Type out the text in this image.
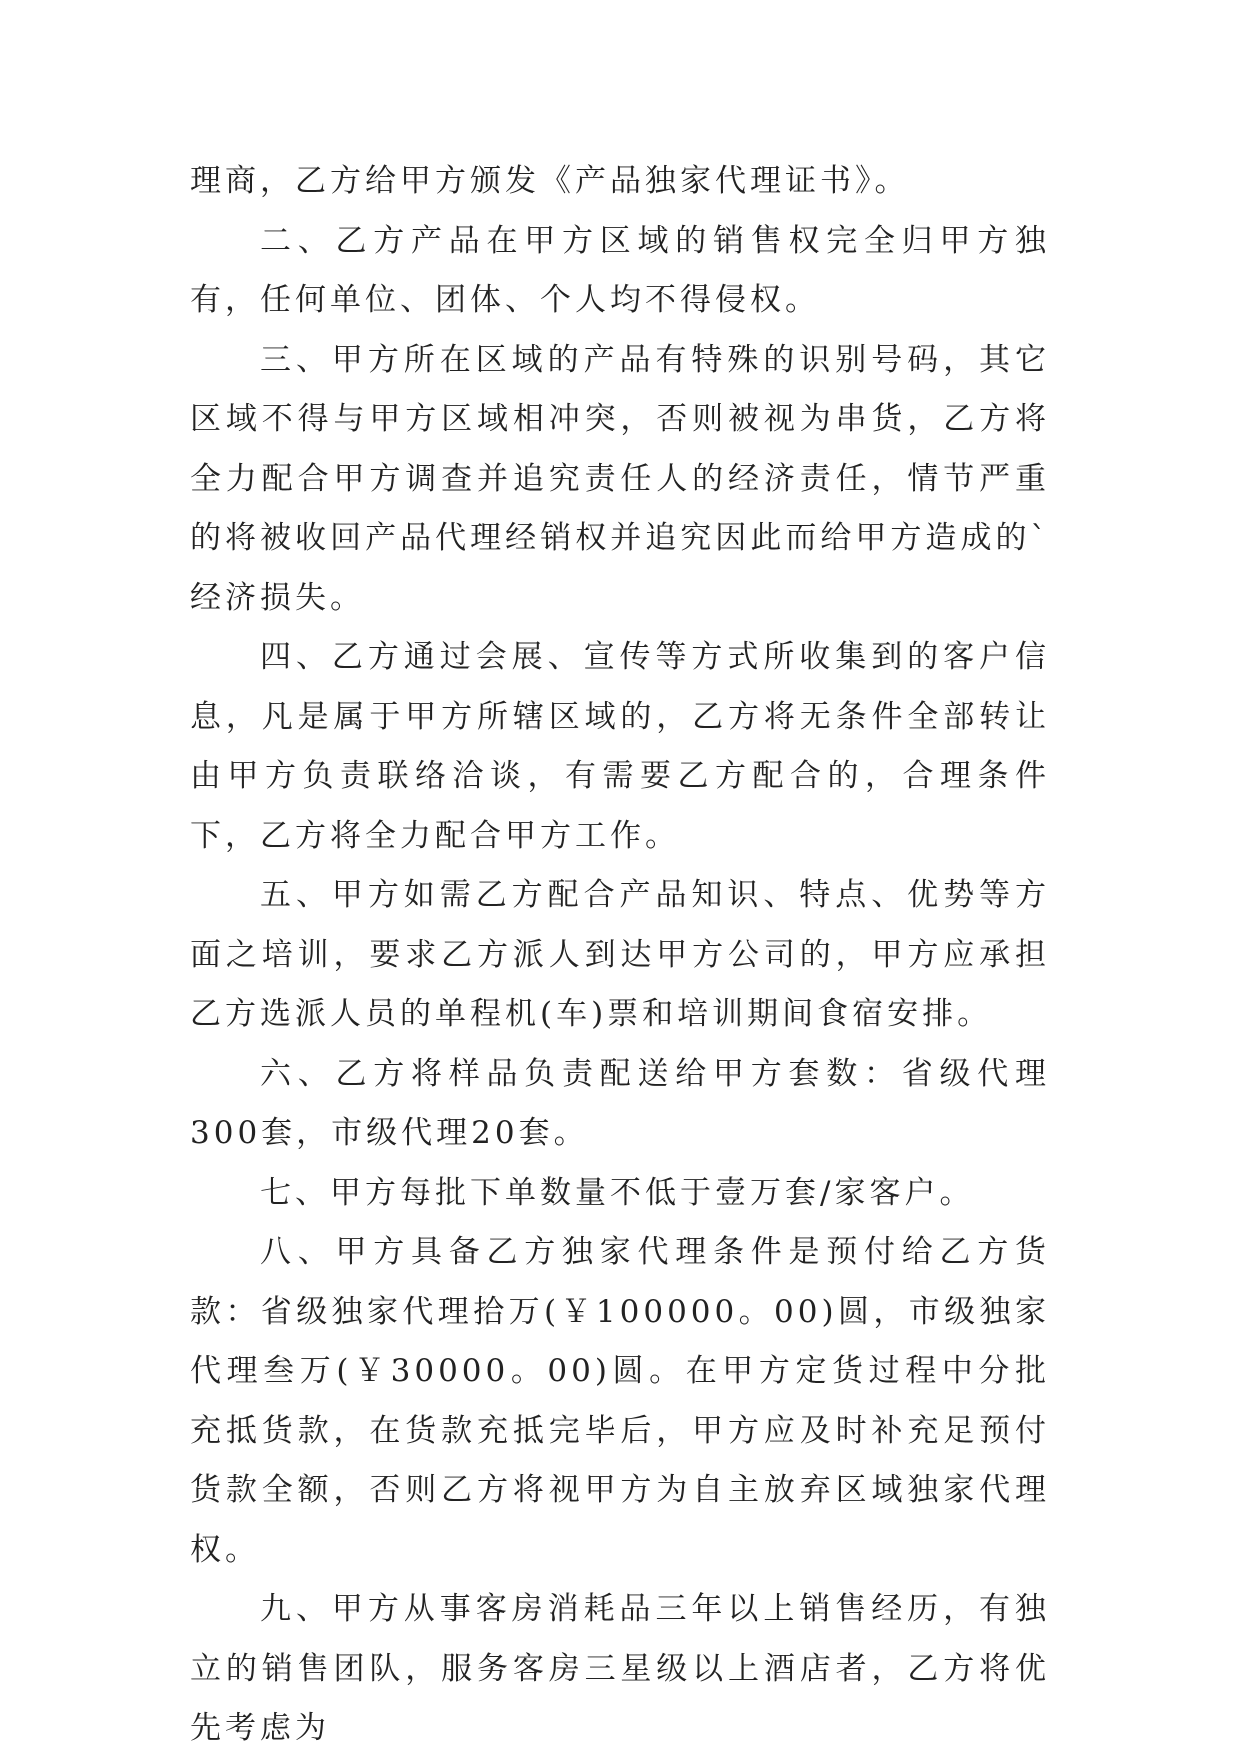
理商，乙方给甲方颁发《产品独家代理证书》。

二、乙方产品在甲方区域的销售权完全归甲方独有，任何单位、团体、个人均不得侵权。

三、甲方所在区域的产品有特殊的识别号码，其它区域不得与甲方区域相冲突，否则被视为串货，乙方将全力配合甲方调查并追究责任人的经济责任，情节严重的将被收回产品代理经销权并追究因此而给甲方造成的`经济损失。

四、乙方通过会展、宣传等方式所收集到的客户信息，凡是属于甲方所辖区域的，乙方将无条件全部转让由甲方负责联络洽谈，有需要乙方配合的，合理条件下，乙方将全力配合甲方工作。

五、甲方如需乙方配合产品知识、特点、优势等方面之培训，要求乙方派人到达甲方公司的，甲方应承担乙方选派人员的单程机(车)票和培训期间食宿安排。

六、乙方将样品负责配送给甲方套数：省级代理300套，市级代理20套。

七、甲方每批下单数量不低于壹万套/家客户。

八、甲方具备乙方独家代理条件是预付给乙方货款：省级独家代理拾万(￥100000。00)圆，市级独家代理叁万(￥30000。00)圆。在甲方定货过程中分批充抵货款，在货款充抵完毕后，甲方应及时补充足预付货款全额，否则乙方将视甲方为自主放弃区域独家代理权。

九、甲方从事客房消耗品三年以上销售经历，有独立的销售团队，服务客房三星级以上酒店者，乙方将优先考虑为
